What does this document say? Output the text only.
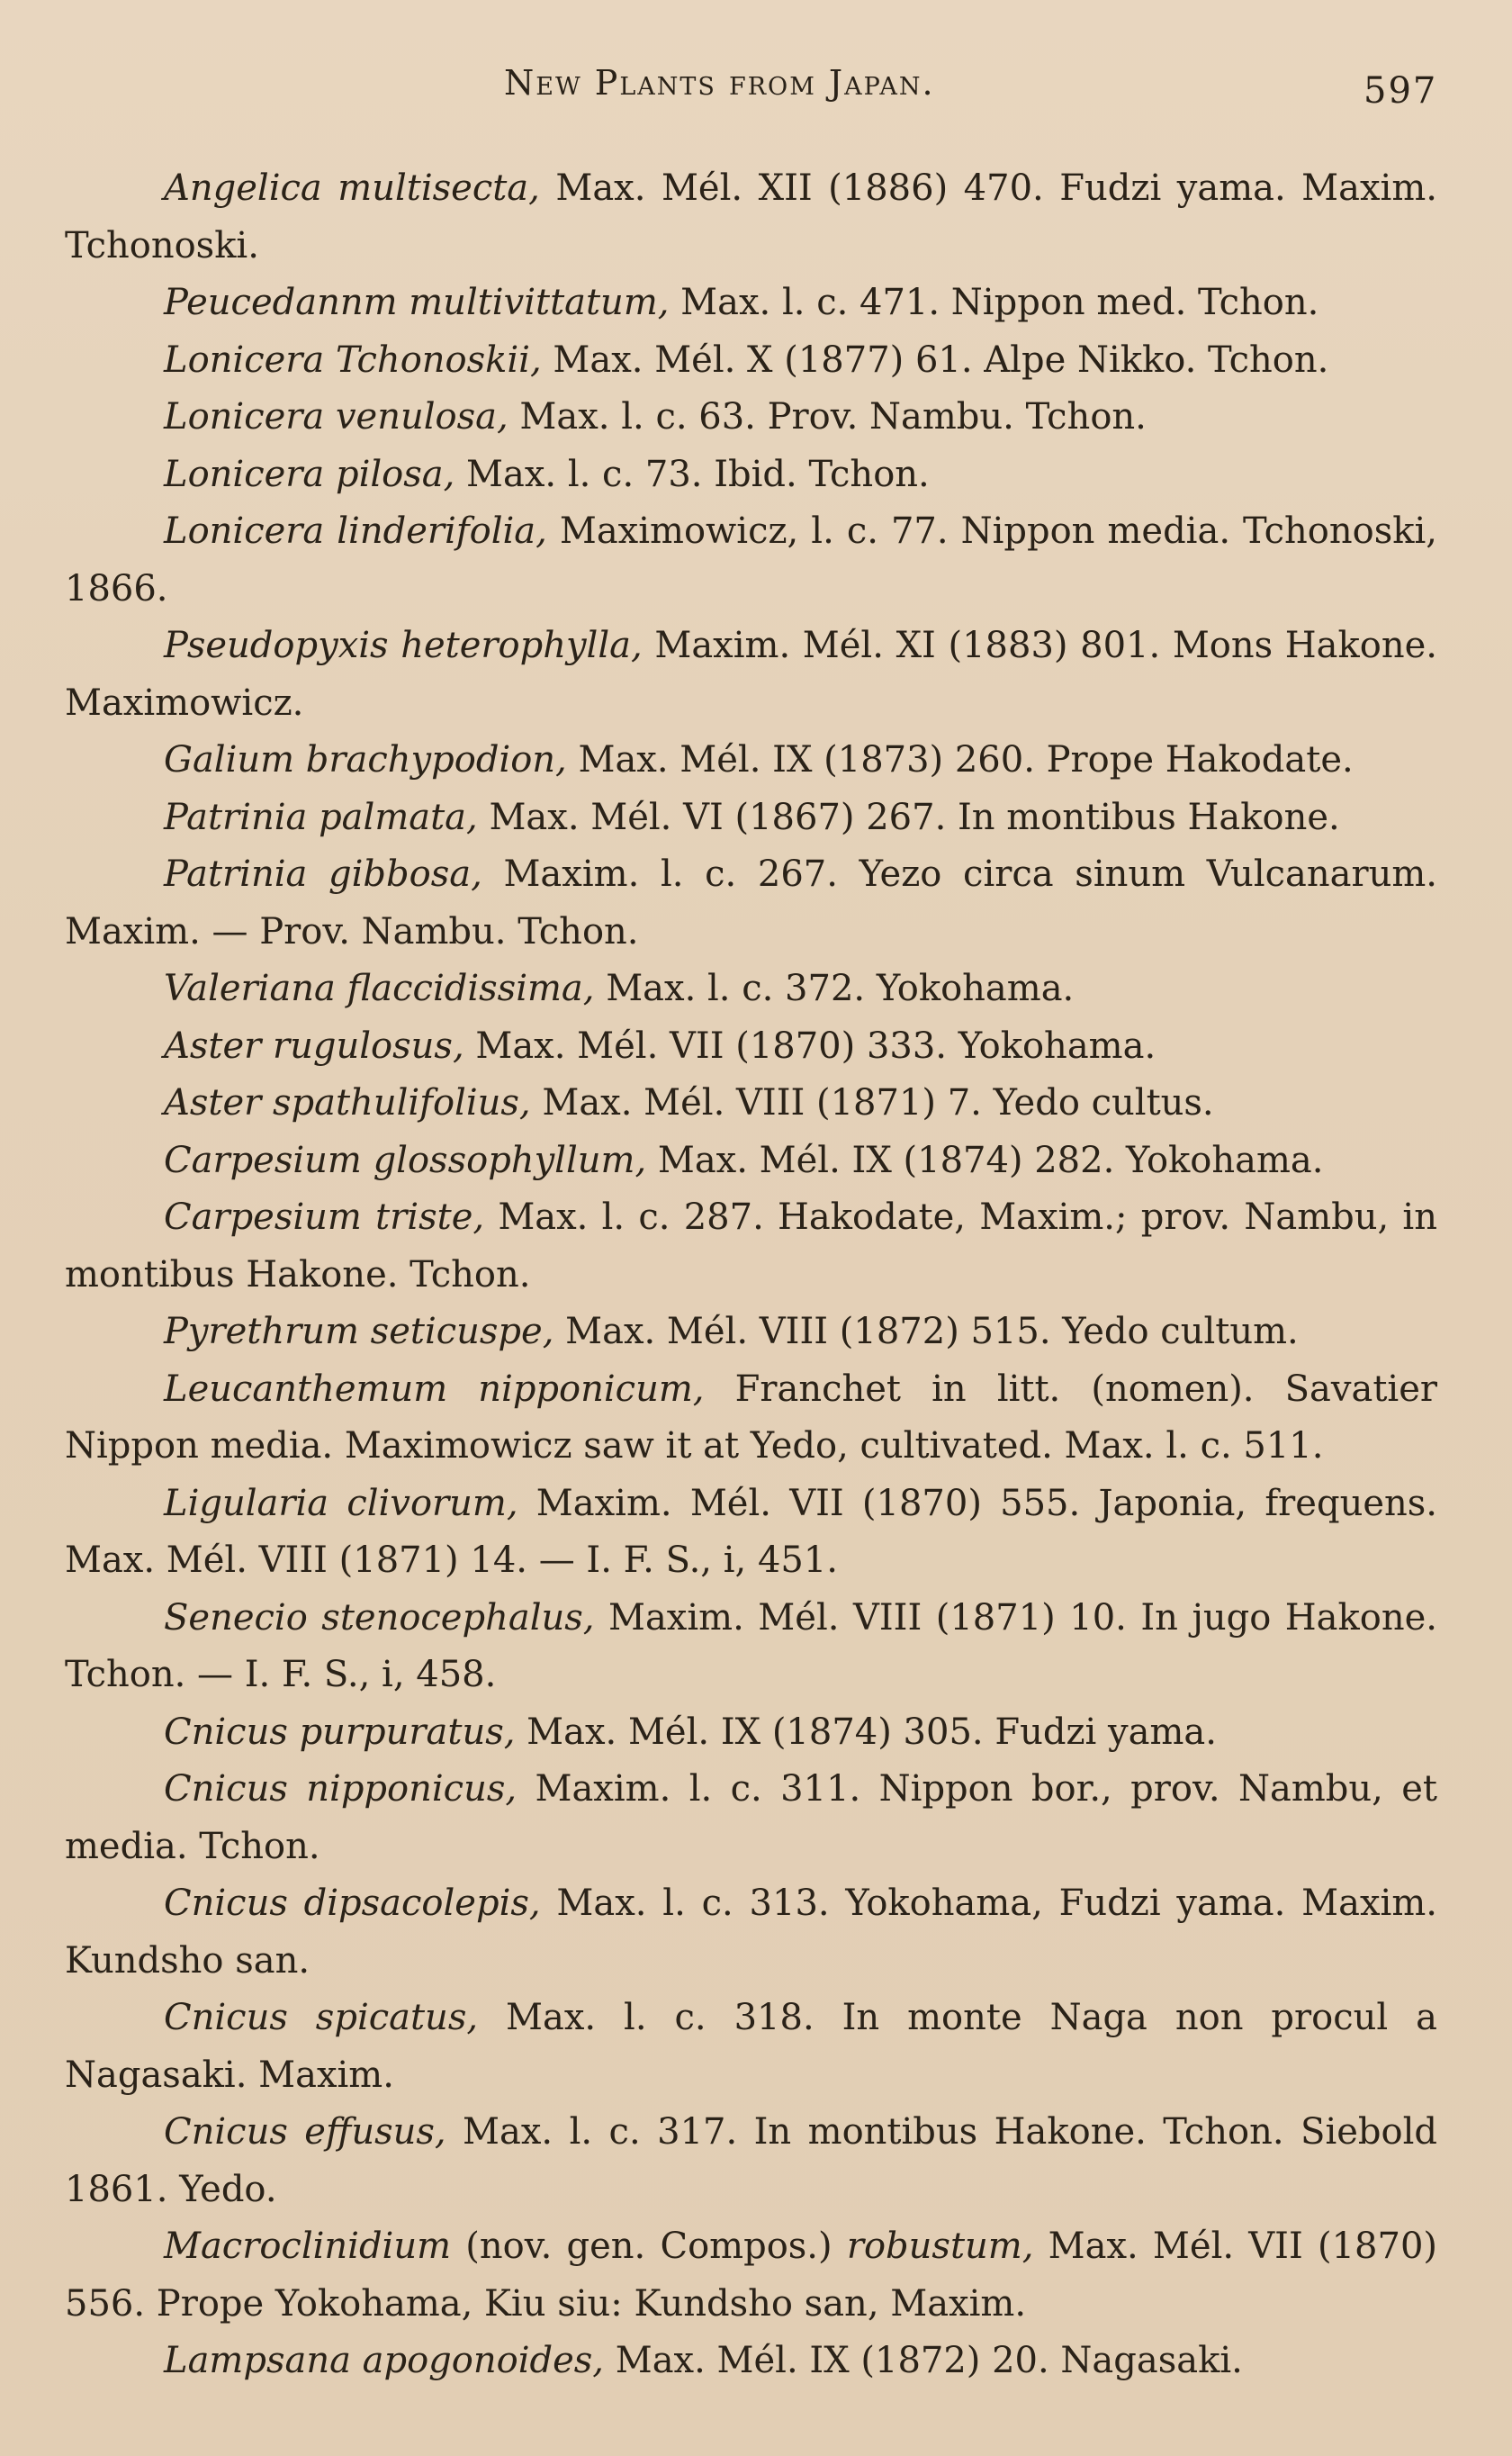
New Plants from Japan.	597

Angelica multisecta, Max. Mél. XII (1886) 470. Fudzi yama. Maxim. Tchonoski.

Peucedannm multivittatum, Max. l. c. 471. Nippon med. Tchon.

Lonicera Tchonoskii, Max. Mél. X (1877) 61. Alpe Nikko. Tchon.

Lonicera venulosa, Max. l. c. 63. Prov. Nambu. Tchon.

Lonicera pilosa, Max. l. c. 73. Ibid. Tchon.

Lonicera linderifolia, Maximowicz, l. c. 77. Nippon media. Tchonoski, 1866.

Pseudopyxis heterophylla, Maxim. Mél. XI (1883) 801. Mons Hakone. Maximowicz.

Galium brachypodion, Max. Mél. IX (1873) 260. Prope Hakodate.

Patrinia palmata, Max. Mél. VI (1867) 267. In montibus Hakone.

Patrinia gibbosa, Maxim. l. c. 267. Yezo circa sinum Vulcanarum. Maxim. — Prov. Nambu. Tchon.

Valeriana flaccidissima, Max. l. c. 372. Yokohama.

Aster rugulosus, Max. Mél. VII (1870) 333. Yokohama.

Aster spathulifolius, Max. Mél. VIII (1871) 7. Yedo cultus.

Carpesium glossophyllum, Max. Mél. IX (1874) 282. Yokohama.

Carpesium triste, Max. l. c. 287. Hakodate, Maxim.; prov. Nambu, in montibus Hakone. Tchon.

Pyrethrum seticuspe, Max. Mél. VIII (1872) 515. Yedo cultum.

Leucanthemum nipponicum, Franchet in litt. (nomen). Savatier Nippon media. Maximowicz saw it at Yedo, cultivated. Max. l. c. 511.

Ligularia clivorum, Maxim. Mél. VII (1870) 555. Japonia, frequens. Max. Mél. VIII (1871) 14. — I. F. S., i, 451.

Senecio stenocephalus, Maxim. Mél. VIII (1871) 10. In jugo Hakone. Tchon. — I. F. S., i, 458.

Cnicus purpuratus, Max. Mél. IX (1874) 305. Fudzi yama.

Cnicus nipponicus, Maxim. l. c. 311. Nippon bor., prov. Nambu, et media. Tchon.

Cnicus dipsacolepis, Max. l. c. 313. Yokohama, Fudzi yama. Maxim. Kundsho san.

Cnicus spicatus, Max. l. c. 318. In monte Naga non procul a Nagasaki. Maxim.

Cnicus effusus, Max. l. c. 317. In montibus Hakone. Tchon. Siebold 1861. Yedo.

Macroclinidium (nov. gen. Compos.) robustum, Max. Mél. VII (1870) 556. Prope Yokohama, Kiu siu: Kundsho san, Maxim.

Lampsana apogonoides, Max. Mél. IX (1872) 20. Nagasaki.
